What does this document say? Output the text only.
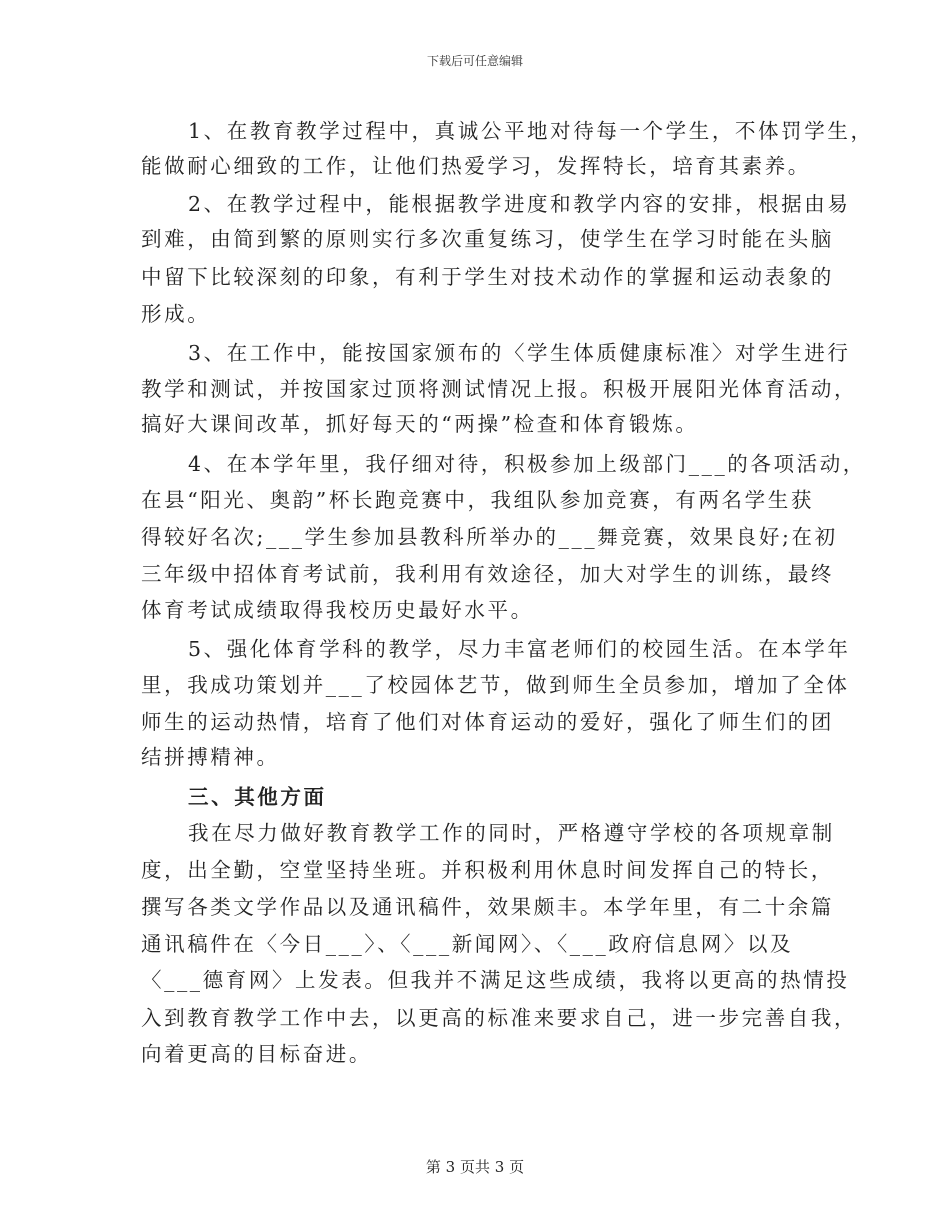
下载后可任意编辑
1、在教育教学过程中，真诚公平地对待每一个学生，不体罚学生，
能做耐心细致的工作，让他们热爱学习，发挥特长，培育其素养。
2、在教学过程中，能根据教学进度和教学内容的安排，根据由易
到难，由简到繁的原则实行多次重复练习，使学生在学习时能在头脑
中留下比较深刻的印象，有利于学生对技术动作的掌握和运动表象的
形成。
3、在工作中，能按国家颁布的〈学生体质健康标准〉对学生进行
教学和测试，并按国家过顶将测试情况上报。积极开展阳光体育活动，
搞好大课间改革，抓好每天的“两操”检查和体育锻炼。
4、在本学年里，我仔细对待，积极参加上级部门___的各项活动，
在县“阳光、奥韵”杯长跑竞赛中，我组队参加竞赛，有两名学生获
得较好名次;___学生参加县教科所举办的___舞竞赛，效果良好;在初
三年级中招体育考试前，我利用有效途径，加大对学生的训练，最终
体育考试成绩取得我校历史最好水平。
5、强化体育学科的教学，尽力丰富老师们的校园生活。在本学年
里，我成功策划并___了校园体艺节，做到师生全员参加，增加了全体
师生的运动热情，培育了他们对体育运动的爱好，强化了师生们的团
结拼搏精神。
三、其他方面
我在尽力做好教育教学工作的同时，严格遵守学校的各项规章制
度，出全勤，空堂坚持坐班。并积极利用休息时间发挥自己的特长，
撰写各类文学作品以及通讯稿件，效果颇丰。本学年里，有二十余篇
通讯稿件在〈今日___〉、〈___新闻网〉、〈___政府信息网〉以及
〈___德育网〉上发表。但我并不满足这些成绩，我将以更高的热情投
入到教育教学工作中去，以更高的标准来要求自己，进一步完善自我，
向着更高的目标奋进。
第 3 页共 3 页
